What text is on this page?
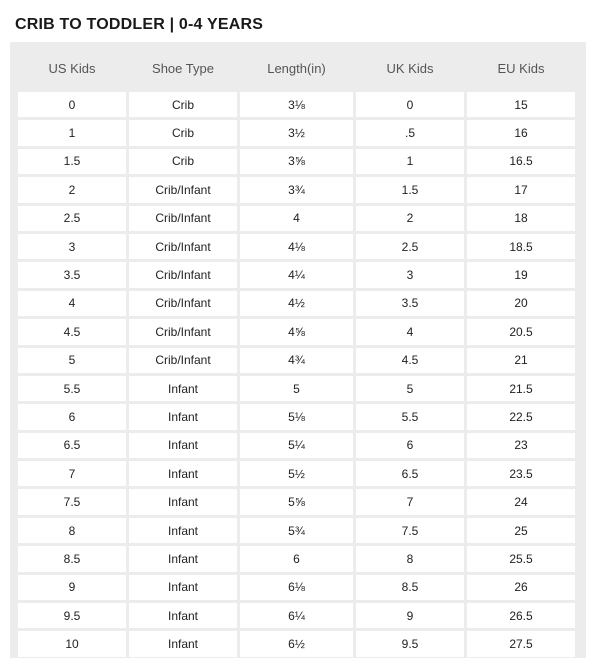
CRIB TO TODDLER | 0-4 YEARS
US Kids	Shoe Type	Length(in)	UK Kids	EU Kids
0	Crib	3⅛	0	15
1	Crib	3½	.5	16
1.5	Crib	3⅝	1	16.5
2	Crib/Infant	3¾	1.5	17
2.5	Crib/Infant	4	2	18
3	Crib/Infant	4⅛	2.5	18.5
3.5	Crib/Infant	4¼	3	19
4	Crib/Infant	4½	3.5	20
4.5	Crib/Infant	4⅝	4	20.5
5	Crib/Infant	4¾	4.5	21
5.5	Infant	5	5	21.5
6	Infant	5⅛	5.5	22.5
6.5	Infant	5¼	6	23
7	Infant	5½	6.5	23.5
7.5	Infant	5⅝	7	24
8	Infant	5¾	7.5	25
8.5	Infant	6	8	25.5
9	Infant	6⅛	8.5	26
9.5	Infant	6¼	9	26.5
10	Infant	6½	9.5	27.5
